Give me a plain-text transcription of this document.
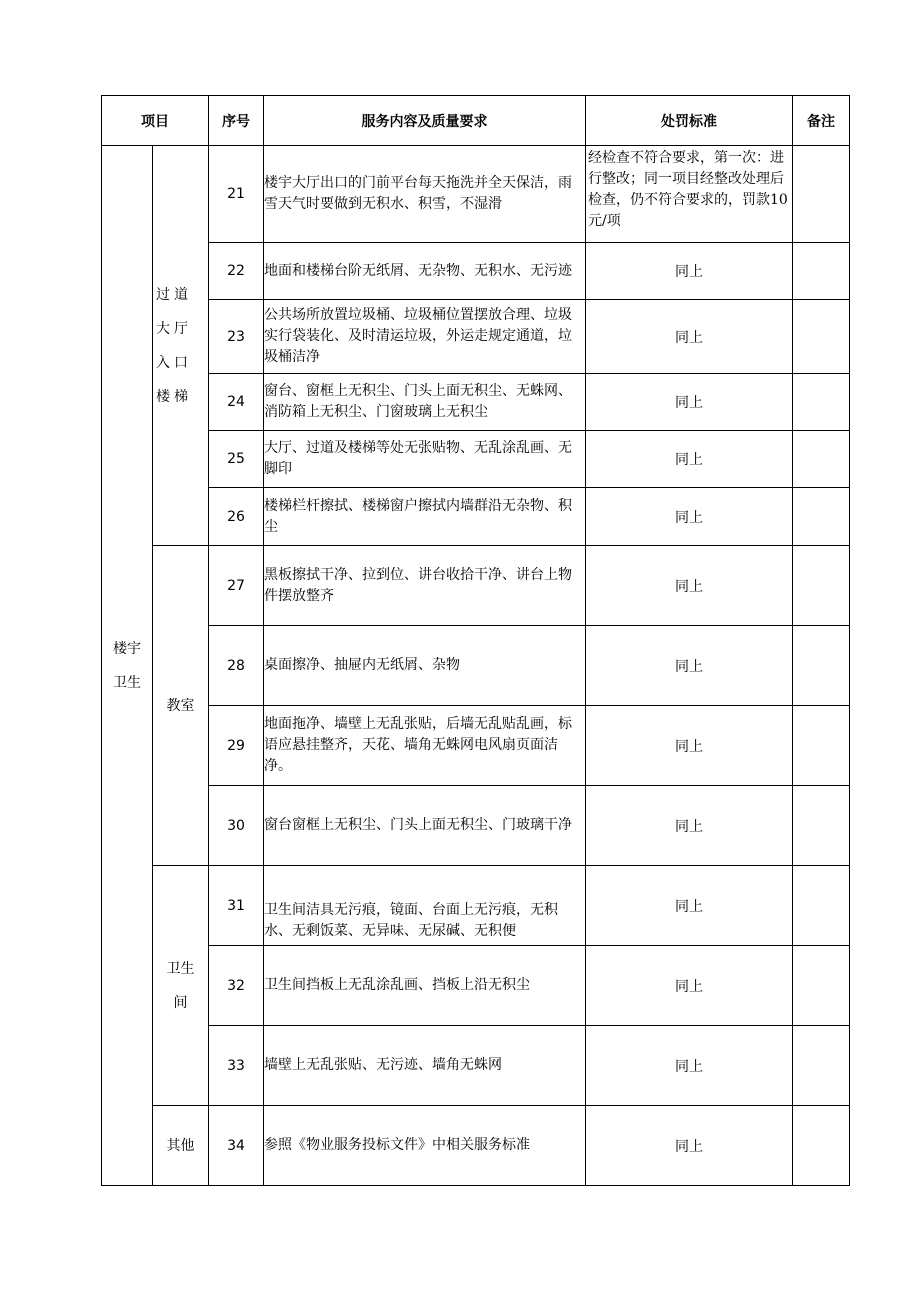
项目		序号	服务内容及质量要求	处罚标准	备注
楼宇卫生	过道大厅入口楼梯	21	楼宇大厅出口的门前平台每天拖洗并全天保洁，雨雪天气时要做到无积水、积雪，不湿滑	经检查不符合要求，第一次：进行整改；同一项目经整改处理后检查，仍不符合要求的，罚款10元/项	
		22	地面和楼梯台阶无纸屑、无杂物、无积水、无污迹	同上	
		23	公共场所放置垃圾桶、垃圾桶位置摆放合理、垃圾实行袋装化、及时清运垃圾，外运走规定通道，垃圾桶洁净	同上	
		24	窗台、窗框上无积尘、门头上面无积尘、无蛛网、消防箱上无积尘、门窗玻璃上无积尘	同上	
		25	大厅、过道及楼梯等处无张贴物、无乱涂乱画、无脚印	同上	
		26	楼梯栏杆擦拭、楼梯窗户擦拭内墙群沿无杂物、积尘	同上	
	教室	27	黑板擦拭干净、拉到位、讲台收拾干净、讲台上物件摆放整齐	同上	
		28	桌面擦净、抽屉内无纸屑、杂物	同上	
		29	地面拖净、墙壁上无乱张贴，后墙无乱贴乱画，标语应悬挂整齐，天花、墙角无蛛网电风扇页面洁净。	同上	
		30	窗台窗框上无积尘、门头上面无积尘、门玻璃干净	同上	
	卫生间	31	卫生间洁具无污痕，镜面、台面上无污痕，无积水、无剩饭菜、无异味、无尿碱、无积便	同上	
		32	卫生间挡板上无乱涂乱画、挡板上沿无积尘	同上	
		33	墙壁上无乱张贴、无污迹、墙角无蛛网	同上	
	其他	34	参照《物业服务投标文件》中相关服务标准	同上	
